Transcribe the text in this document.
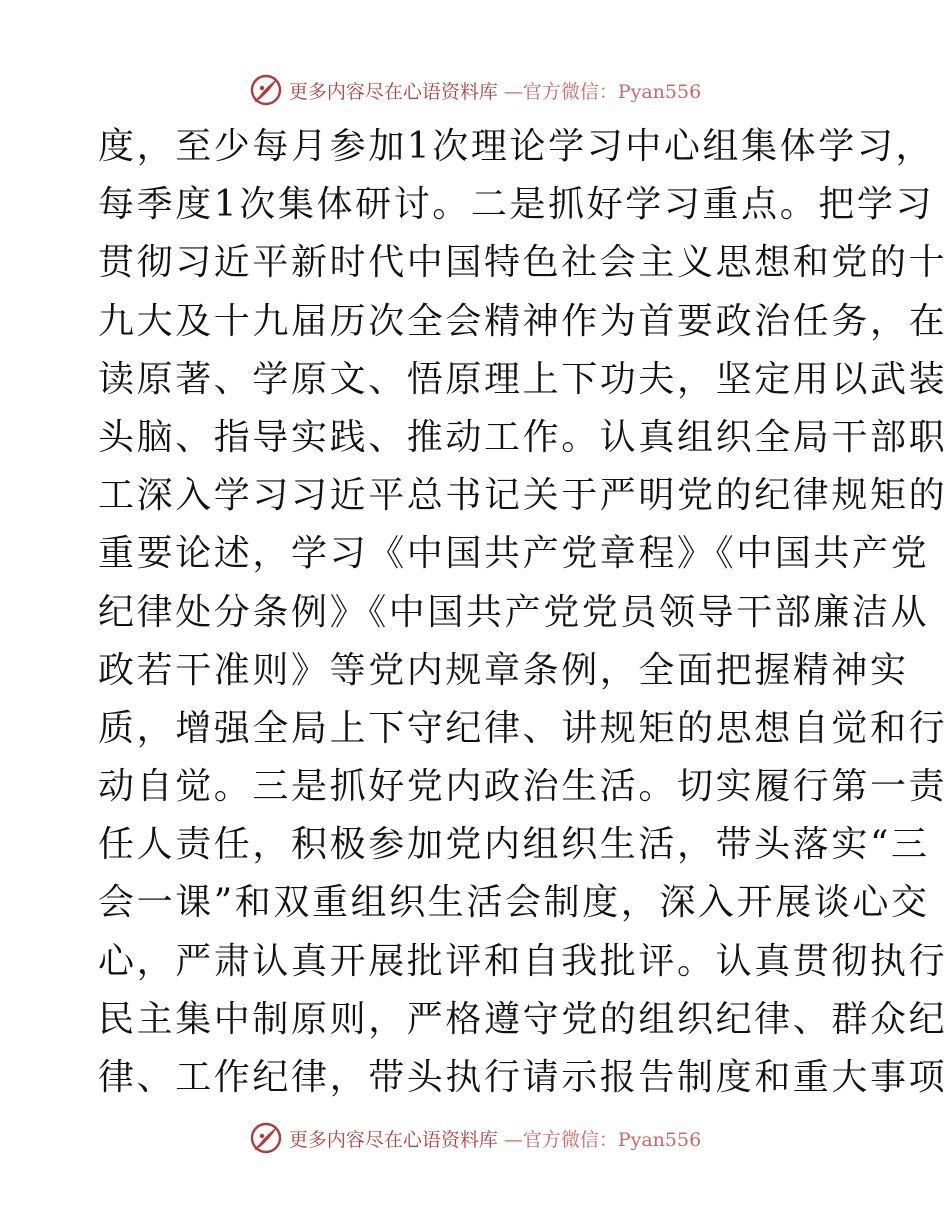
更多内容尽在心语资料库 —官方微信：Pyan556
度，至少每月参加1次理论学习中心组集体学习，
每季度1次集体研讨。二是抓好学习重点。把学习
贯彻习近平新时代中国特色社会主义思想和党的十
九大及十九届历次全会精神作为首要政治任务，在
读原著、学原文、悟原理上下功夫，坚定用以武装
头脑、指导实践、推动工作。认真组织全局干部职
工深入学习习近平总书记关于严明党的纪律规矩的
重要论述，学习《中国共产党章程》《中国共产党
纪律处分条例》《中国共产党党员领导干部廉洁从
政若干准则》等党内规章条例，全面把握精神实
质，增强全局上下守纪律、讲规矩的思想自觉和行
动自觉。三是抓好党内政治生活。切实履行第一责
任人责任，积极参加党内组织生活，带头落实“三
会一课”和双重组织生活会制度，深入开展谈心交
心，严肃认真开展批评和自我批评。认真贯彻执行
民主集中制原则，严格遵守党的组织纪律、群众纪
律、工作纪律，带头执行请示报告制度和重大事项
更多内容尽在心语资料库 —官方微信：Pyan556
